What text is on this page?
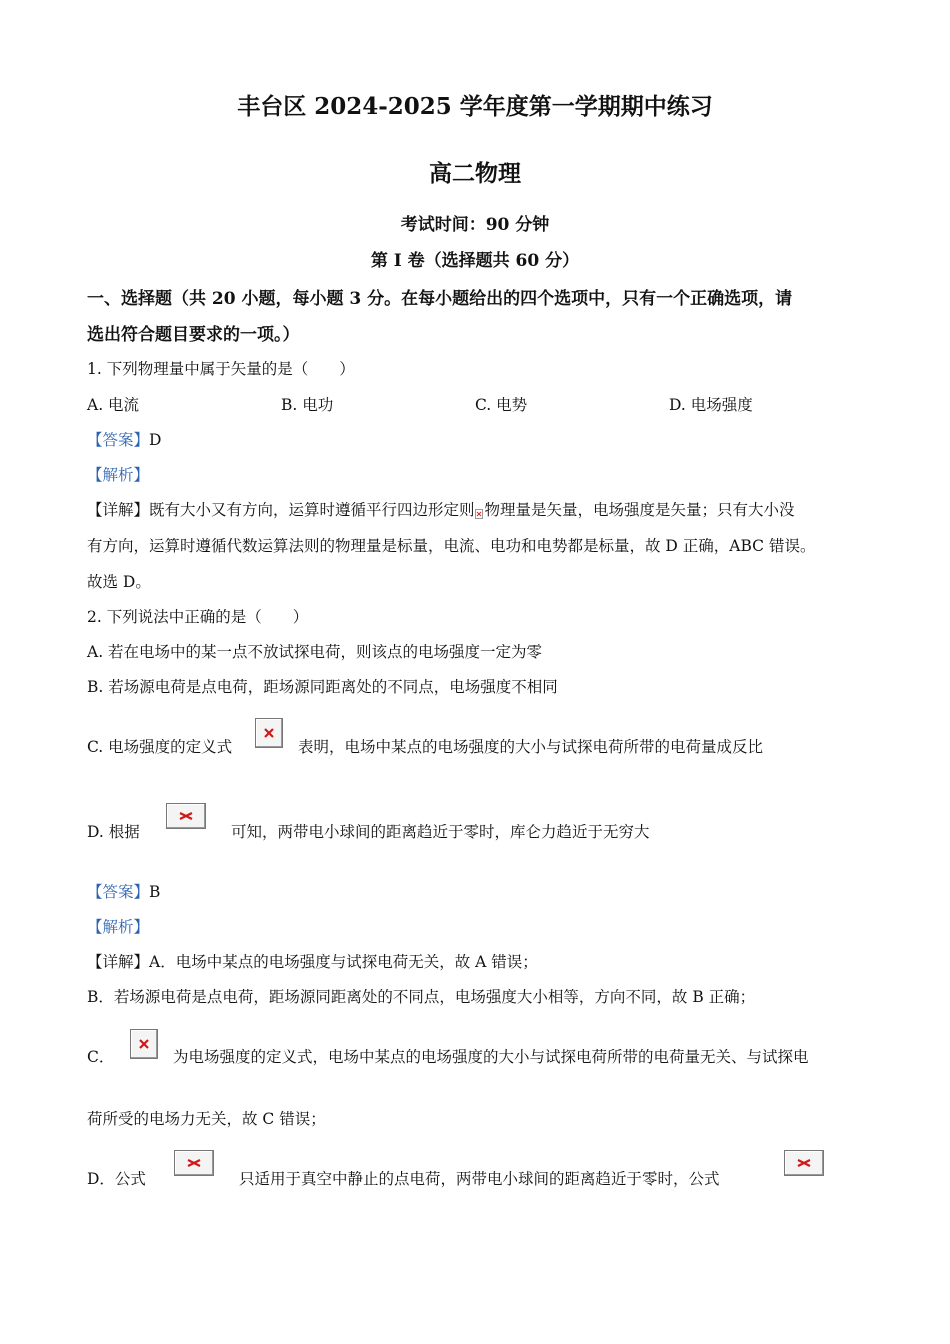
丰台区 2024-2025 学年度第一学期期中练习
高二物理
考试时间：90 分钟
第 I 卷（选择题共 60 分）
一、选择题（共 20 小题，每小题 3 分。在每小题给出的四个选项中，只有一个正确选项，请
选出符合题目要求的一项。）
1. 下列物理量中属于矢量的是（　　）
A. 电流	B. 电功	C. 电势	D. 电场强度
【答案】D
【解析】
【详解】既有大小又有方向，运算时遵循平行四边形定则 物理量是矢量，电场强度是矢量；只有大小没
有方向，运算时遵循代数运算法则的物理量是标量，电流、电功和电势都是标量，故 D 正确，ABC 错误。
故选 D。
2. 下列说法中正确的是（　　）
A. 若在电场中的某一点不放试探电荷，则该点的电场强度一定为零
B. 若场源电荷是点电荷，距场源同距离处的不同点，电场强度不相同
C. 电场强度的定义式	表明，电场中某点的电场强度的大小与试探电荷所带的电荷量成反比
D. 根据	可知，两带电小球间的距离趋近于零时，库仑力趋近于无穷大
【答案】B
【解析】
【详解】A．电场中某点的电场强度与试探电荷无关，故 A 错误；
B．若场源电荷是点电荷，距场源同距离处的不同点，电场强度大小相等，方向不同，故 B 正确；
C．	为电场强度的定义式，电场中某点的电场强度的大小与试探电荷所带的电荷量无关、与试探电
荷所受的电场力无关，故 C 错误；
D．公式	只适用于真空中静止的点电荷，两带电小球间的距离趋近于零时，公式
